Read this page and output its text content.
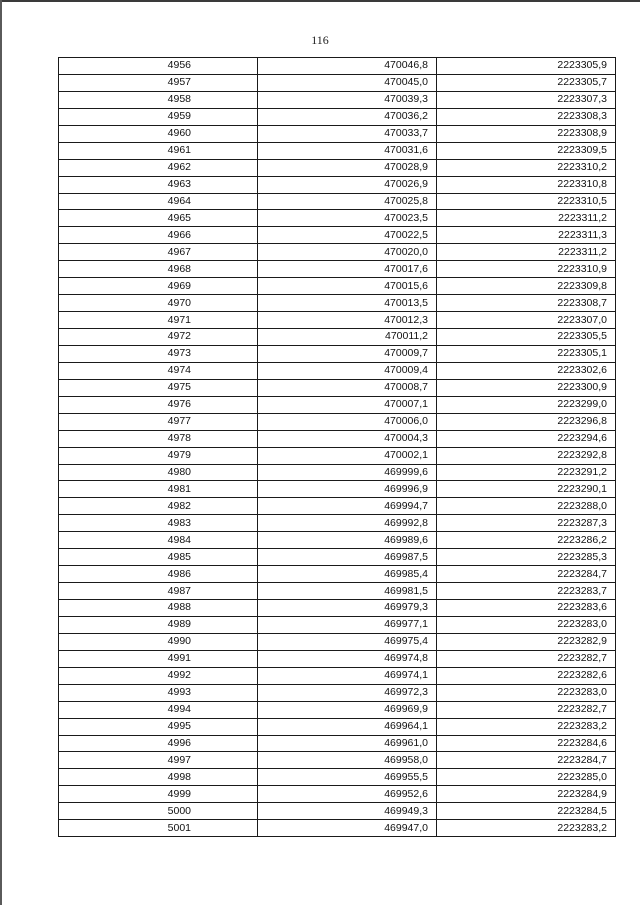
116
4956	470046,8	2223305,9
4957	470045,0	2223305,7
4958	470039,3	2223307,3
4959	470036,2	2223308,3
4960	470033,7	2223308,9
4961	470031,6	2223309,5
4962	470028,9	2223310,2
4963	470026,9	2223310,8
4964	470025,8	2223310,5
4965	470023,5	2223311,2
4966	470022,5	2223311,3
4967	470020,0	2223311,2
4968	470017,6	2223310,9
4969	470015,6	2223309,8
4970	470013,5	2223308,7
4971	470012,3	2223307,0
4972	470011,2	2223305,5
4973	470009,7	2223305,1
4974	470009,4	2223302,6
4975	470008,7	2223300,9
4976	470007,1	2223299,0
4977	470006,0	2223296,8
4978	470004,3	2223294,6
4979	470002,1	2223292,8
4980	469999,6	2223291,2
4981	469996,9	2223290,1
4982	469994,7	2223288,0
4983	469992,8	2223287,3
4984	469989,6	2223286,2
4985	469987,5	2223285,3
4986	469985,4	2223284,7
4987	469981,5	2223283,7
4988	469979,3	2223283,6
4989	469977,1	2223283,0
4990	469975,4	2223282,9
4991	469974,8	2223282,7
4992	469974,1	2223282,6
4993	469972,3	2223283,0
4994	469969,9	2223282,7
4995	469964,1	2223283,2
4996	469961,0	2223284,6
4997	469958,0	2223284,7
4998	469955,5	2223285,0
4999	469952,6	2223284,9
5000	469949,3	2223284,5
5001	469947,0	2223283,2
